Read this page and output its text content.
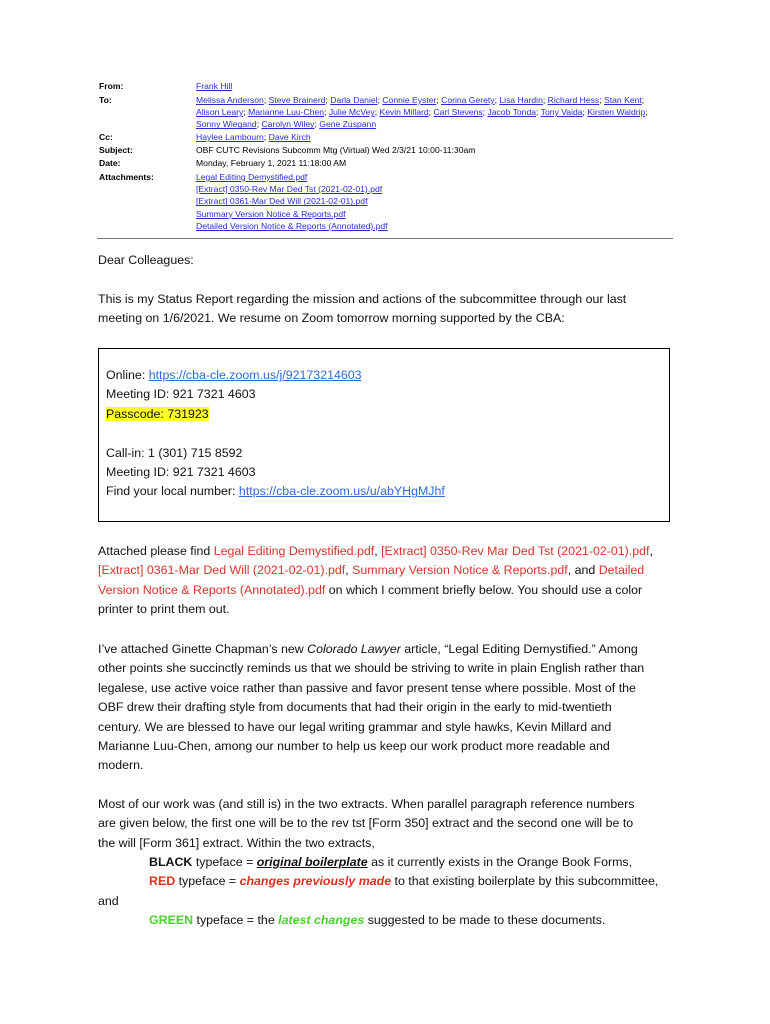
From:	Frank Hill
To:	Melissa Anderson; Steve Brainerd; Darla Daniel; Connie Eyster; Corina Gerety; Lisa Hardin; Richard Hess; Stan Kent; Alison Leary; Marianne Luu-Chen; Julie McVey; Kevin Millard; Carl Stevens; Jacob Tonda; Tony Vaida; Kirsten Waldrip; Sonny Wiegand; Carolyn Wiley; Gene Zuspann
Cc:	Haylee Lambourn; Dave Kirch
Subject:	OBF CUTC Revisions Subcomm Mtg (Virtual) Wed 2/3/21 10:00-11:30am
Date:	Monday, February 1, 2021 11:18:00 AM
Attachments:	Legal Editing Demystified.pdf
[Extract] 0350-Rev Mar Ded Tst (2021-02-01).pdf
[Extract] 0361-Mar Ded Will (2021-02-01).pdf
Summary Version Notice & Reports.pdf
Detailed Version Notice & Reports (Annotated).pdf
Dear Colleagues:

This is my Status Report regarding the mission and actions of the subcommittee through our last

meeting on 1/6/2021. We resume on Zoom tomorrow morning supported by the CBA:

Online: https://cba-cle.zoom.us/j/92173214603

Meeting ID: 921 7321 4603

Passcode: 731923

Call-in: 1 (301) 715 8592

Meeting ID: 921 7321 4603

Find your local number: https://cba-cle.zoom.us/u/abYHgMJhf

Attached please find Legal Editing Demystified.pdf, [Extract] 0350-Rev Mar Ded Tst (2021-02-01).pdf,

[Extract] 0361-Mar Ded Will (2021-02-01).pdf, Summary Version Notice & Reports.pdf, and Detailed

Version Notice & Reports (Annotated).pdf on which I comment briefly below. You should use a color

printer to print them out.

I’ve attached Ginette Chapman’s new Colorado Lawyer article, “Legal Editing Demystified.” Among

other points she succinctly reminds us that we should be striving to write in plain English rather than

legalese, use active voice rather than passive and favor present tense where possible. Most of the

OBF drew their drafting style from documents that had their origin in the early to mid-twentieth

century. We are blessed to have our legal writing grammar and style hawks, Kevin Millard and

Marianne Luu-Chen, among our number to help us keep our work product more readable and

modern.

Most of our work was (and still is) in the two extracts. When parallel paragraph reference numbers

are given below, the first one will be to the rev tst [Form 350] extract and the second one will be to

the will [Form 361] extract. Within the two extracts,

BLACK typeface = original boilerplate as it currently exists in the Orange Book Forms,
RED typeface = changes previously made to that existing boilerplate by this subcommittee,
and
GREEN typeface = the latest changes suggested to be made to these documents.
